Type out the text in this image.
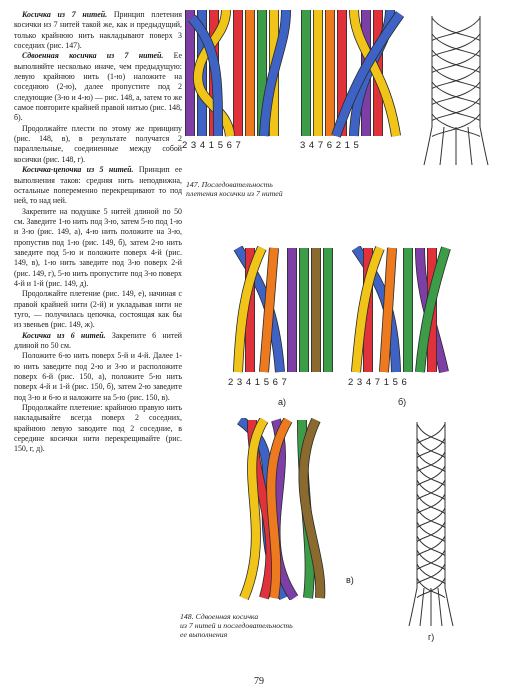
Косичка из 7 нитей. Принцип плетения косички из 7 нитей такой же, как и предыдущий, только крайнюю нить накладывают поверх 3 соседних (рис. 147).

Сдвоенная косичка из 7 нитей. Ее выполняйте несколько иначе, чем предыдущую: левую крайнюю нить (1-ю) наложите на соседнюю (2-ю), далее пропустите под 2 следующие (3-ю и 4-ю) — рис. 148, а, затем то же самое повторите крайней правой нитью (рис. 148, б).

Продолжайте плести по этому же принципу (рис. 148, в), в результате получатся 2 параллельные, соединенные между собой косички (рис. 148, г).

Косичка-цепочка из 5 нитей. Принцип ее выполнения таков: средняя нить неподвижна, остальные попеременно перекрещивают то под ней, то над ней.

Закрепите на подушке 5 нитей длиной по 50 см. Заведите 1-ю нить под 3-ю, затем 5-ю под 1-ю и 3-ю (рис. 149, а), 4-ю нить положите на 3-ю, пропустив под 1-ю (рис. 149, б), затем 2-ю нить заведите под 5-ю и положите поверх 4-й (рис. 149, в), 1-ю нить заведите под 3-ю поверх 2-й (рис. 149, г), 5-ю нить пропустите под 3-ю поверх 4-й и 1-й (рис. 149, д).

Продолжайте плетение (рис. 149, е), начиная с правой крайней нити (2-й) и укладывая нити не туго, — получилась цепочка, состоящая как бы из звеньев (рис. 149, ж).

Косичка из 6 нитей. Закрепите 6 нитей длиной по 50 см.

Положите 6-ю нить поверх 5-й и 4-й. Далее 1-ю нить заведите под 2-ю и 3-ю и расположите поверх 6-й (рис. 150, а), положите 5-ю нить поверх 4-й и 1-й (рис. 150, б), затем 2-ю заведите под 3-ю и 6-ю и наложите на 5-ю (рис. 150, в).

Продолжайте плетение: крайнюю правую нить накладывайте всегда поверх 2 соседних, крайнюю левую заводите под 2 соседние, в середине косички нити перекрещивайте (рис. 150, г, д).

2 3 4 1 5 6 7	3 4 7 6 2 1 5
147. Последовательность
плетения косички из 7 нитей
2 3 4 1 5 6 7	2 3 4 7 1 5 6
а)	б)
в)
г)
148. Сдвоенная косичка
из 7 нитей и последовательность
ее выполнения
79
